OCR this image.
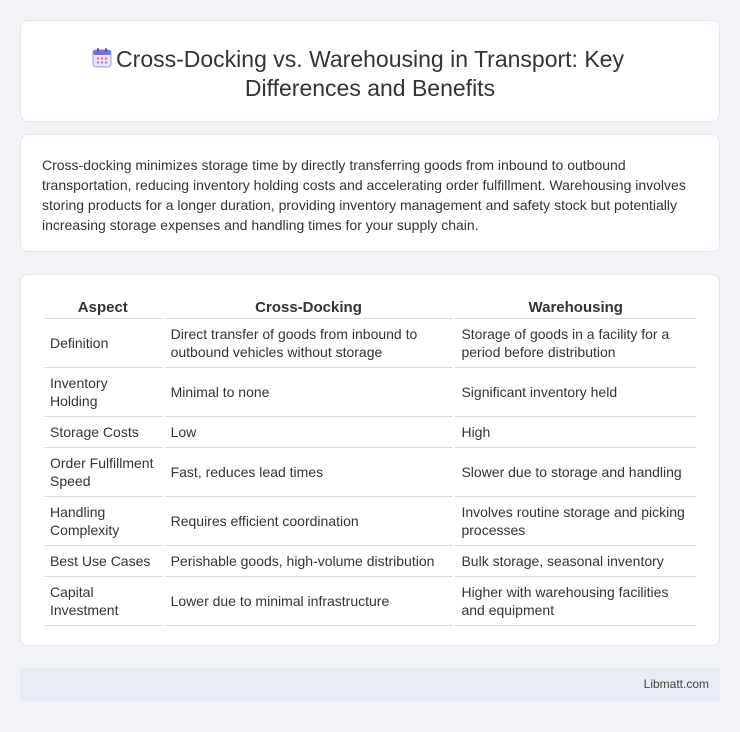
Cross-Docking vs. Warehousing in Transport: Key Differences and Benefits

Cross-docking minimizes storage time by directly transferring goods from inbound to outbound transportation, reducing inventory holding costs and accelerating order fulfillment. Warehousing involves storing products for a longer duration, providing inventory management and safety stock but potentially increasing storage expenses and handling times for your supply chain.

Aspect	Cross-Docking	Warehousing
Definition	Direct transfer of goods from inbound to outbound vehicles without storage	Storage of goods in a facility for a period before distribution
Inventory Holding	Minimal to none	Significant inventory held
Storage Costs	Low	High
Order Fulfillment Speed	Fast, reduces lead times	Slower due to storage and handling
Handling Complexity	Requires efficient coordination	Involves routine storage and picking processes
Best Use Cases	Perishable goods, high-volume distribution	Bulk storage, seasonal inventory
Capital Investment	Lower due to minimal infrastructure	Higher with warehousing facilities and equipment
Libmatt.com
